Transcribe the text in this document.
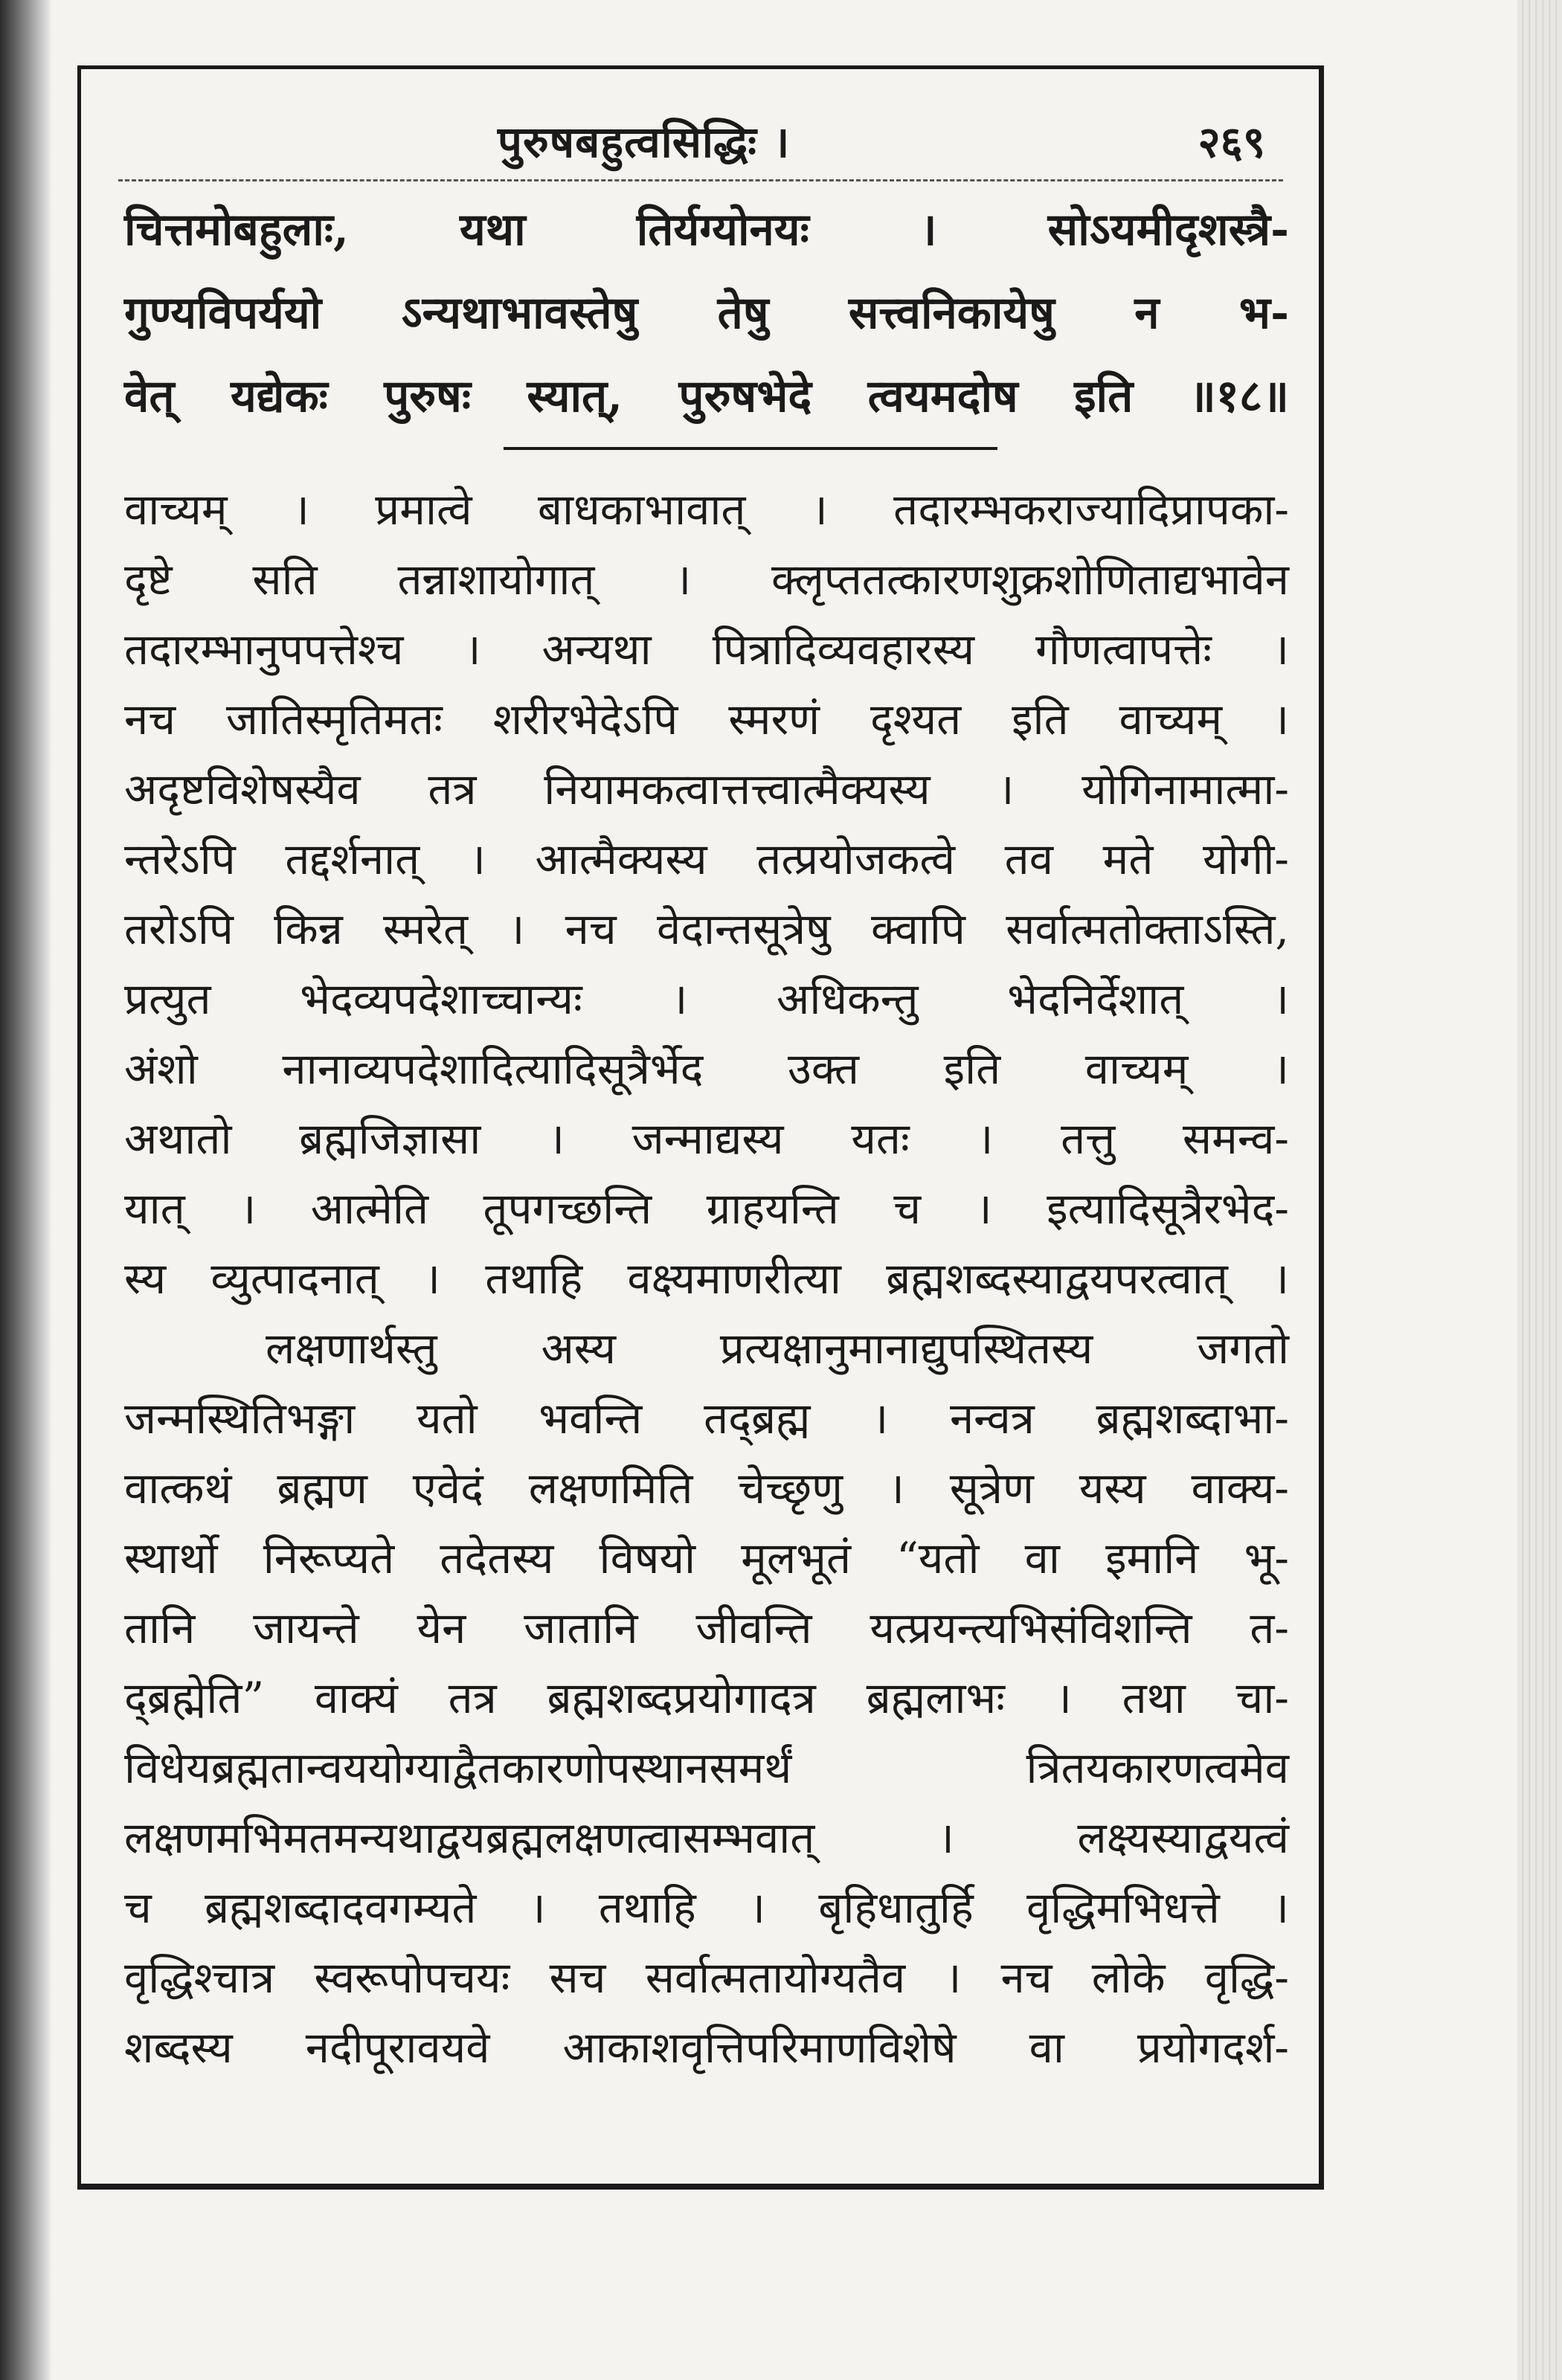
पुरुषबहुत्वसिद्धिः ।	२६९
चित्तमोबहुलाः, यथा तिर्यग्योनयः । सोऽयमीदृशस्त्रै-
गुण्यविपर्ययो ऽन्यथाभावस्तेषु तेषु सत्त्वनिकायेषु न भ-
वेत् यद्येकः पुरुषः स्यात्, पुरुषभेदे त्वयमदोष इति ॥१८॥
वाच्यम् । प्रमात्वे बाधकाभावात् । तदारम्भकराज्यादिप्रापका-
दृष्टे सति तन्नाशायोगात् । क्लृप्ततत्कारणशुक्रशोणिताद्यभावेन
तदारम्भानुपपत्तेश्च । अन्यथा पित्रादिव्यवहारस्य गौणत्वापत्तेः ।
नच जातिस्मृतिमतः शरीरभेदेऽपि स्मरणं दृश्यत इति वाच्यम् ।
अदृष्टविशेषस्यैव तत्र नियामकत्वात्तत्त्वात्मैक्यस्य । योगिनामात्मा-
न्तरेऽपि तद्दर्शनात् । आत्मैक्यस्य तत्प्रयोजकत्वे तव मते योगी-
तरोऽपि किन्न स्मरेत् । नच वेदान्तसूत्रेषु क्वापि सर्वात्मतोक्ताऽस्ति,
प्रत्युत भेदव्यपदेशाच्चान्यः । अधिकन्तु भेदनिर्देशात् ।
अंशो नानाव्यपदेशादित्यादिसूत्रैर्भेद उक्त इति वाच्यम् ।
अथातो ब्रह्मजिज्ञासा । जन्माद्यस्य यतः । तत्तु समन्व-
यात् । आत्मेति तूपगच्छन्ति ग्राहयन्ति च । इत्यादिसूत्रैरभेद-
स्य व्युत्पादनात् । तथाहि वक्ष्यमाणरीत्या ब्रह्मशब्दस्याद्वयपरत्वात् ।
लक्षणार्थस्तु अस्य प्रत्यक्षानुमानाद्युपस्थितस्य जगतो
जन्मस्थितिभङ्गा यतो भवन्ति तद्ब्रह्म । नन्वत्र ब्रह्मशब्दाभा-
वात्कथं ब्रह्मण एवेदं लक्षणमिति चेच्छृणु । सूत्रेण यस्य वाक्य-
स्थार्थो निरूप्यते तदेतस्य विषयो मूलभूतं “यतो वा इमानि भू-
तानि जायन्ते येन जातानि जीवन्ति यत्प्रयन्त्यभिसंविशन्ति त-
द्ब्रह्मेति” वाक्यं तत्र ब्रह्मशब्दप्रयोगादत्र ब्रह्मलाभः । तथा चा-
विधेयब्रह्मतान्वययोग्याद्वैतकारणोपस्थानसमर्थं त्रितयकारणत्वमेव
लक्षणमभिमतमन्यथाद्वयब्रह्मलक्षणत्वासम्भवात् । लक्ष्यस्याद्वयत्वं
च ब्रह्मशब्दादवगम्यते । तथाहि । बृहिधातुर्हि वृद्धिमभिधत्ते ।
वृद्धिश्चात्र स्वरूपोपचयः सच सर्वात्मतायोग्यतैव । नच लोके वृद्धि-
शब्दस्य नदीपूरावयवे आकाशवृत्तिपरिमाणविशेषे वा प्रयोगदर्श-
